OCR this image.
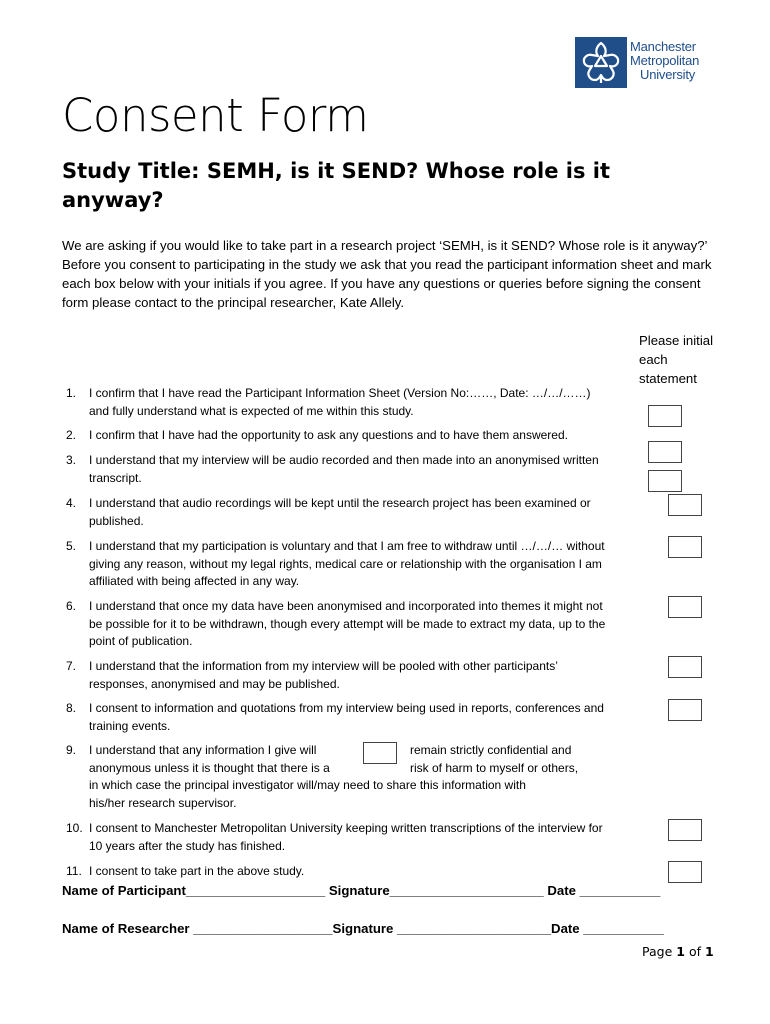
Manchester
Metropolitan
University
Consent Form
Study Title: SEMH, is it SEND? Whose role is it anyway?

We are asking if you would like to take part in a research project ‘SEMH, is it SEND? Whose role is it anyway?’

Before you consent to participating in the study we ask that you read the participant information sheet and mark each box below with your initials if you agree. If you have any questions or queries before signing the consent form please contact to the principal researcher, Kate Allely.

Please initial each statement
1.	I confirm that I have read the Participant Information Sheet (Version No:……, Date: …/…/……) and fully understand what is expected of me within this study.
2.	I confirm that I have had the opportunity to ask any questions and to have them answered.
3.	I understand that my interview will be audio recorded and then made into an anonymised written transcript.
4.	I understand that audio recordings will be kept until the research project has been examined or published.
5.	I understand that my participation is voluntary and that I am free to withdraw until …/…/… without giving any reason, without my legal rights, medical care or relationship with the organisation I am affiliated with being affected in any way.
6.	I understand that once my data have been anonymised and incorporated into themes it might not be possible for it to be withdrawn, though every attempt will be made to extract my data, up to the point of publication.
7.	I understand that the information from my interview will be pooled with other participants’ responses, anonymised and may be published.
8.	I consent to information and quotations from my interview being used in reports, conferences and training events.
9.	I understand that any information I give will	remain strictly confidential and
anonymous unless it is thought that there is a	risk of harm to myself or others,
in which case the principal investigator will/may need to share this information with
his/her research supervisor.
10. I consent to Manchester Metropolitan University keeping written transcriptions of the interview for 10 years after the study has finished.
11. I consent to take part in the above study.
Name of Participant___________________ Signature_____________________ Date ___________
Name of Researcher ___________________Signature _____________________Date ___________
Page 1 of 1
